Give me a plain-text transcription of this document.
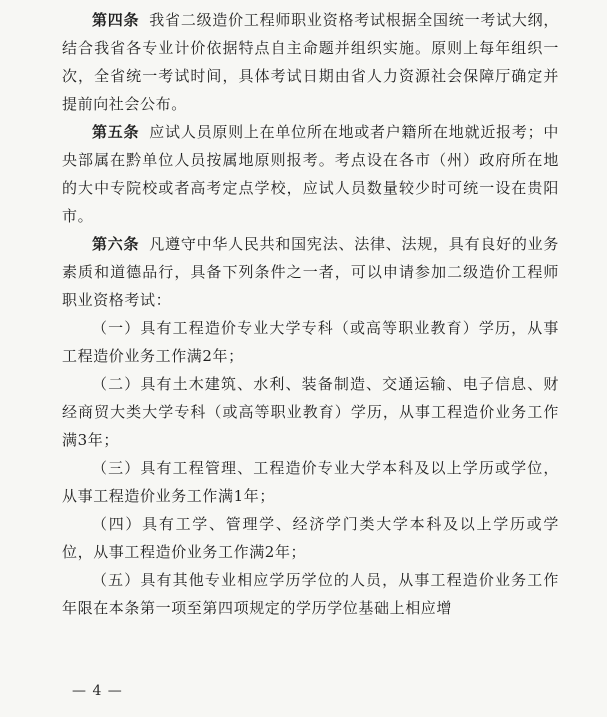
第四条 我省二级造价工程师职业资格考试根据全国统一考试大纲，结合我省各专业计价依据特点自主命题并组织实施。原则上每年组织一次，全省统一考试时间，具体考试日期由省人力资源社会保障厅确定并提前向社会公布。

第五条 应试人员原则上在单位所在地或者户籍所在地就近报考；中央部属在黔单位人员按属地原则报考。考点设在各市（州）政府所在地的大中专院校或者高考定点学校，应试人员数量较少时可统一设在贵阳市。

第六条 凡遵守中华人民共和国宪法、法律、法规，具有良好的业务素质和道德品行，具备下列条件之一者，可以申请参加二级造价工程师职业资格考试：

（一）具有工程造价专业大学专科（或高等职业教育）学历，从事工程造价业务工作满2年；

（二）具有土木建筑、水利、装备制造、交通运输、电子信息、财经商贸大类大学专科（或高等职业教育）学历，从事工程造价业务工作满3年；

（三）具有工程管理、工程造价专业大学本科及以上学历或学位，从事工程造价业务工作满1年；

（四）具有工学、管理学、经济学门类大学本科及以上学历或学位，从事工程造价业务工作满2年；

（五）具有其他专业相应学历学位的人员，从事工程造价业务工作年限在本条第一项至第四项规定的学历学位基础上相应增

— 4 —
